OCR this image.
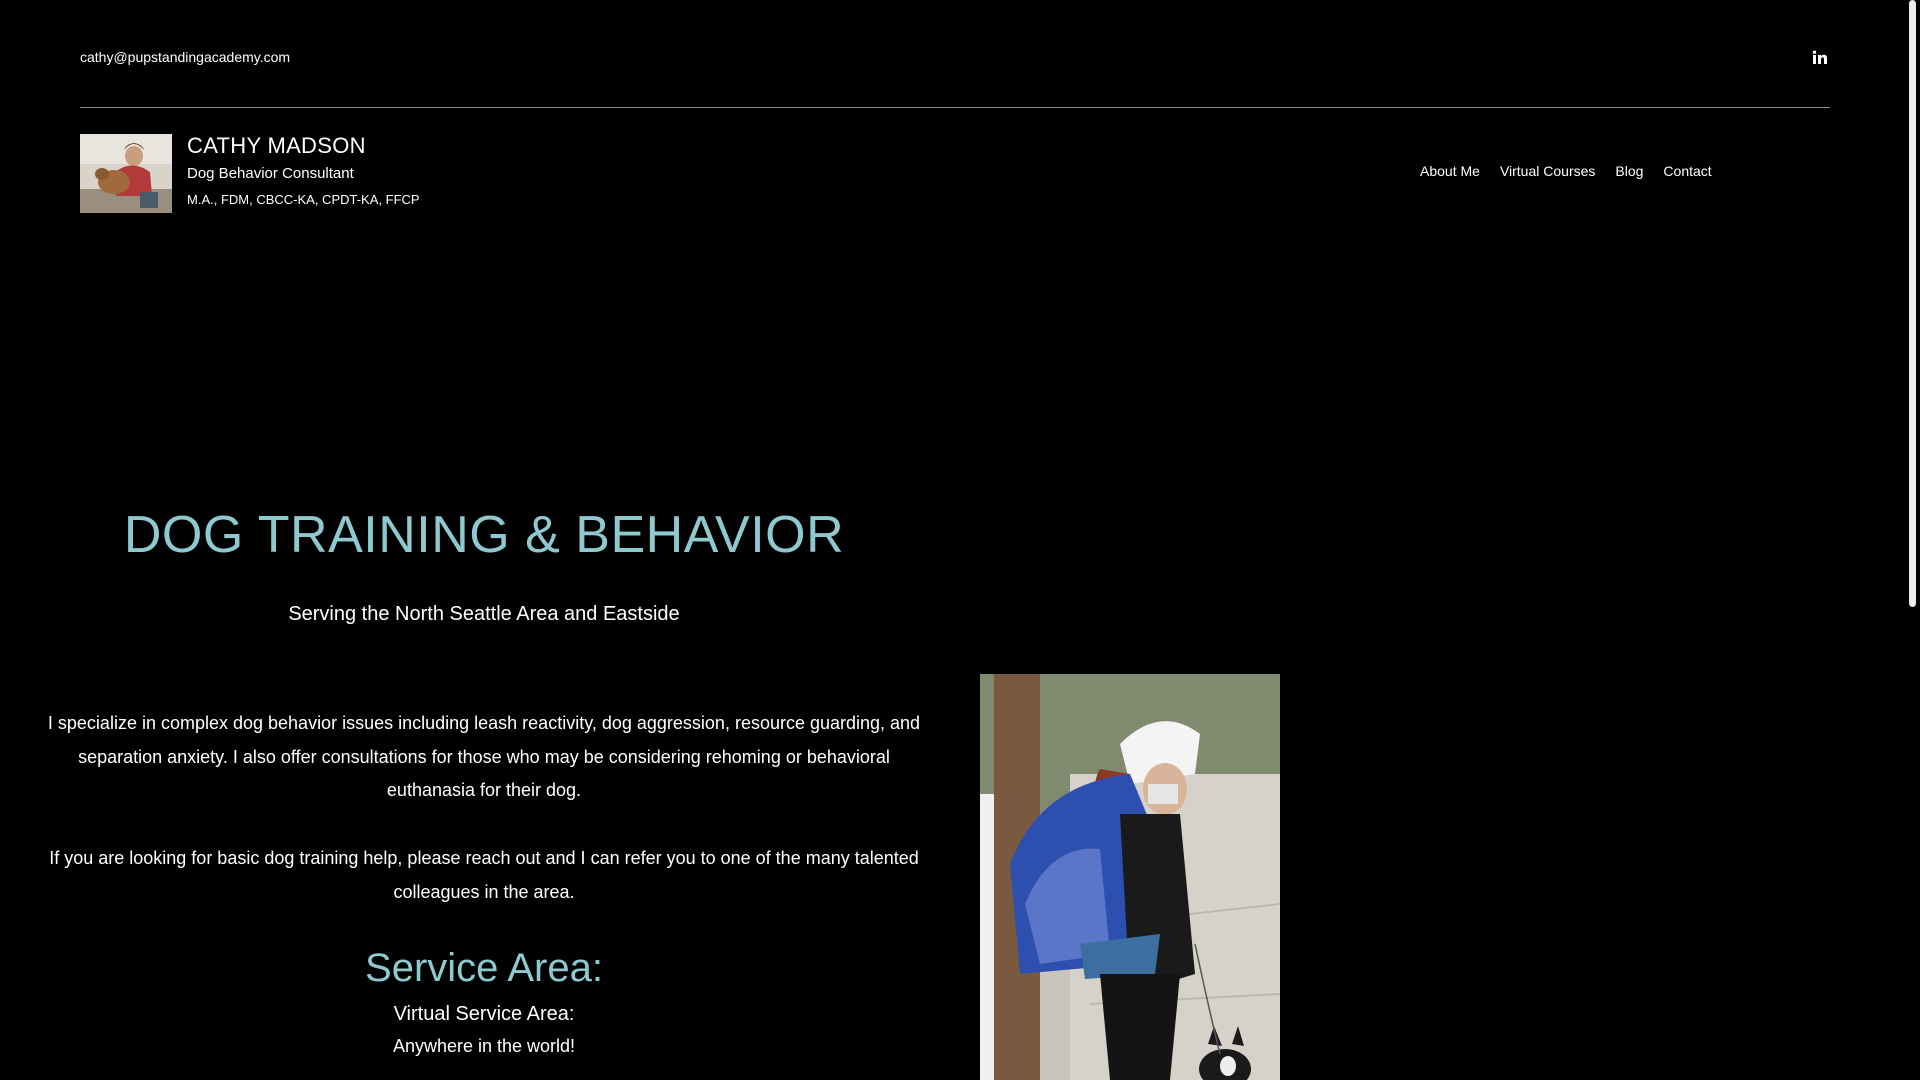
cathy@pupstandingacademy.com
CATHY MADSON
Dog Behavior Consultant
M.A., FDM, CBCC-KA, CPDT-KA, FFCP
About Me	Virtual Courses	Blog	Contact
DOG TRAINING & BEHAVIOR
Serving the North Seattle Area and Eastside

I specialize in complex dog behavior issues including leash reactivity, dog aggression, resource guarding, and separation anxiety. I also offer consultations for those who may be considering rehoming or behavioral euthanasia for their dog.

If you are looking for basic dog training help, please reach out and I can refer you to one of the many talented colleagues in the area.

Service Area:
Virtual Service Area:
Anywhere in the world!
